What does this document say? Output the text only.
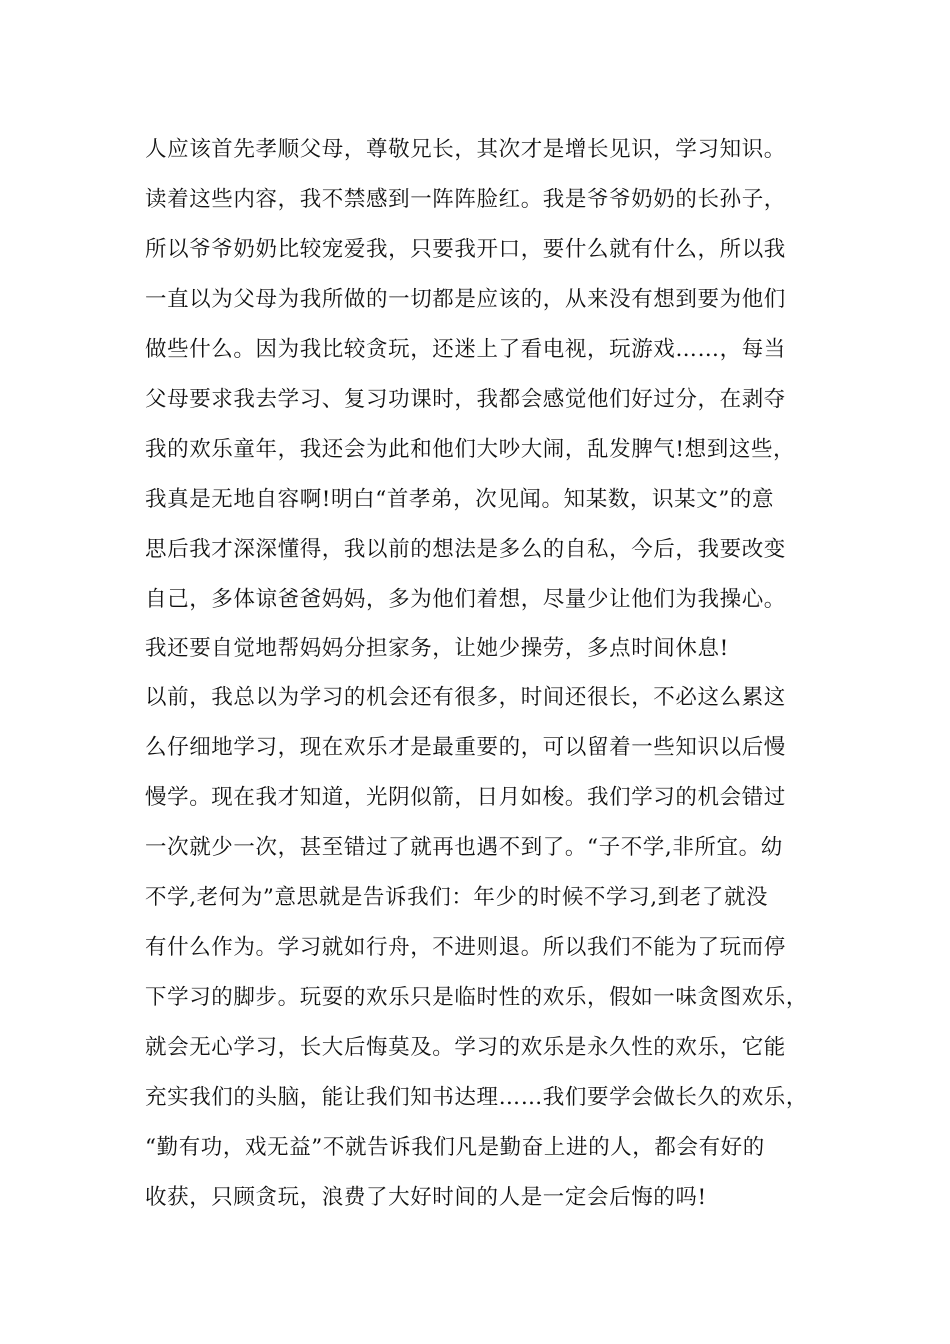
人应该首先孝顺父母，尊敬兄长，其次才是增长见识，学习知识。
读着这些内容，我不禁感到一阵阵脸红。我是爷爷奶奶的长孙子，
所以爷爷奶奶比较宠爱我，只要我开口，要什么就有什么，所以我
一直以为父母为我所做的一切都是应该的，从来没有想到要为他们
做些什么。因为我比较贪玩，还迷上了看电视，玩游戏……，每当
父母要求我去学习、复习功课时，我都会感觉他们好过分，在剥夺
我的欢乐童年，我还会为此和他们大吵大闹，乱发脾气!想到这些，
我真是无地自容啊!明白“首孝弟，次见闻。知某数，识某文”的意
思后我才深深懂得，我以前的想法是多么的自私，今后，我要改变
自己，多体谅爸爸妈妈，多为他们着想，尽量少让他们为我操心。
我还要自觉地帮妈妈分担家务，让她少操劳，多点时间休息!
以前，我总以为学习的机会还有很多，时间还很长，不必这么累这
么仔细地学习，现在欢乐才是最重要的，可以留着一些知识以后慢
慢学。现在我才知道，光阴似箭，日月如梭。我们学习的机会错过
一次就少一次，甚至错过了就再也遇不到了。“子不学,非所宜。幼
不学,老何为”意思就是告诉我们：年少的时候不学习,到老了就没
有什么作为。学习就如行舟，不进则退。所以我们不能为了玩而停
下学习的脚步。玩耍的欢乐只是临时性的欢乐，假如一味贪图欢乐，
就会无心学习，长大后悔莫及。学习的欢乐是永久性的欢乐，它能
充实我们的头脑，能让我们知书达理……我们要学会做长久的欢乐，
“勤有功，戏无益”不就告诉我们凡是勤奋上进的人，都会有好的
收获，只顾贪玩，浪费了大好时间的人是一定会后悔的吗!
